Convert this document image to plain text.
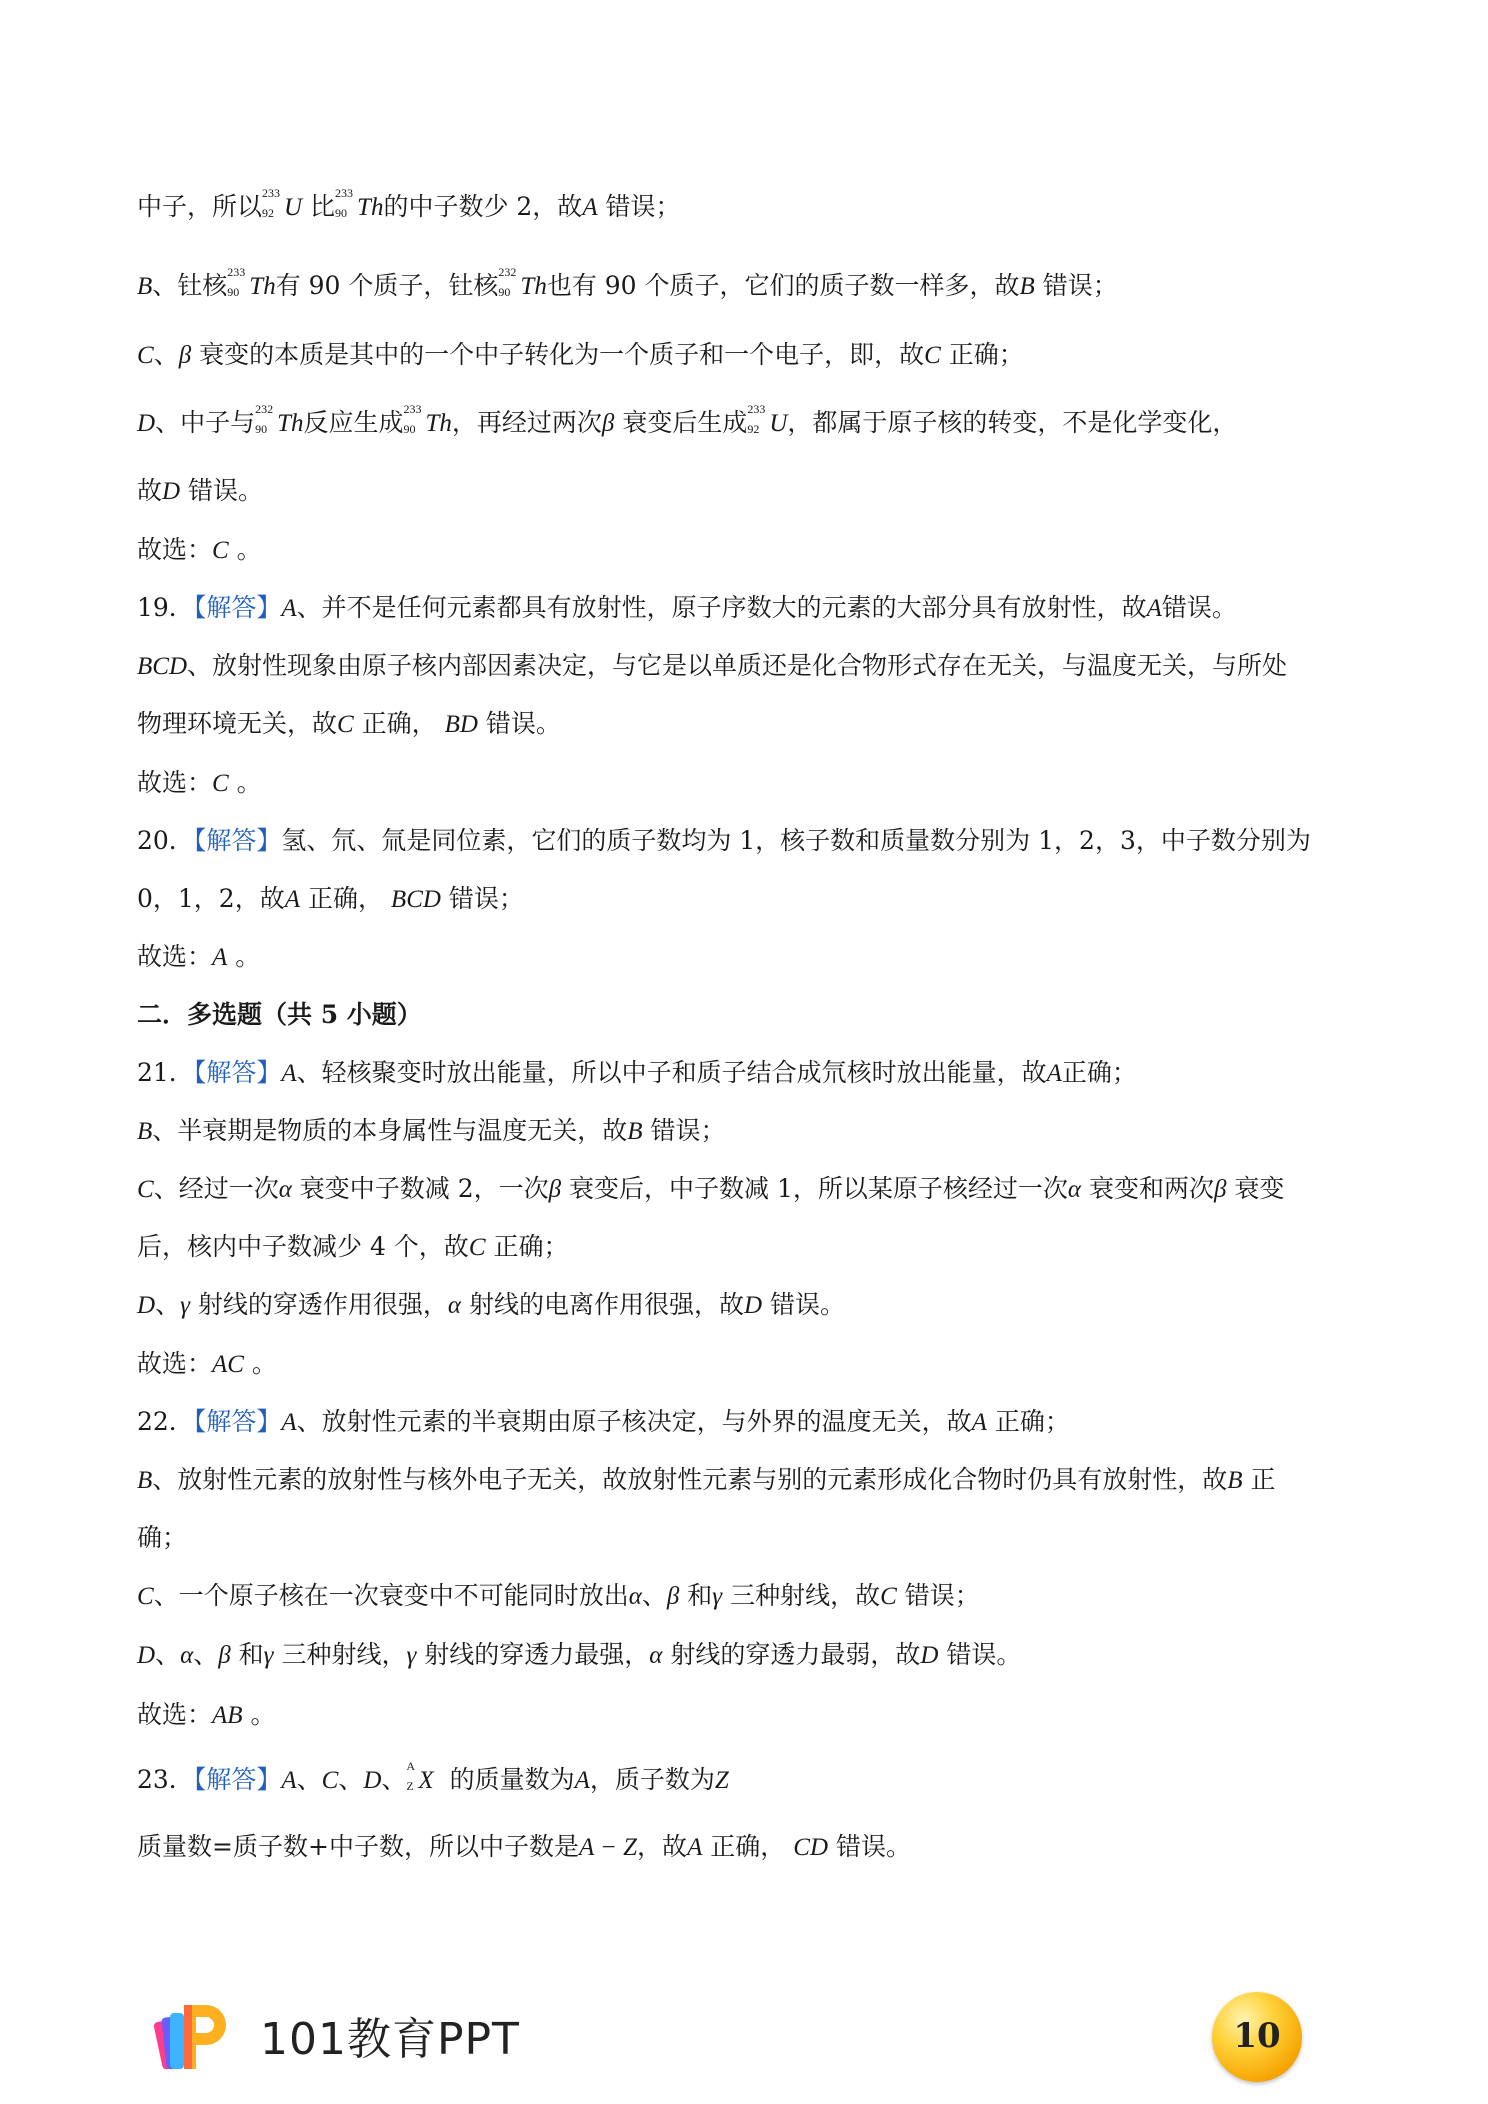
中子，所以 233
92 U 比 233
90 Th的中子数少 2，故A 错误；
B、钍核 233
90 Th有 90 个质子，钍核 232
90 Th也有 90 个质子，它们的质子数一样多，故B 错误；
C、β 衰变的本质是其中的一个中子转化为一个质子和一个电子，即，故C 正确；
D、中子与 232
90 Th反应生成 233
90 Th，再经过两次β 衰变后生成 233
92 U，都属于原子核的转变，不是化学变化，
故D 错误。
故选：C 。
19．【解答】A、并不是任何元素都具有放射性，原子序数大的元素的大部分具有放射性，故A错误。
BCD、放射性现象由原子核内部因素决定，与它是以单质还是化合物形式存在无关，与温度无关，与所处
物理环境无关，故C 正确， BD 错误。
故选：C 。
20．【解答】氢、氘、氚是同位素，它们的质子数均为 1，核子数和质量数分别为 1，2，3，中子数分别为
0，1，2，故A 正确， BCD 错误；
故选：A 。
二．多选题（共 5 小题）
21．【解答】A、轻核聚变时放出能量，所以中子和质子结合成氘核时放出能量，故A正确；
B、半衰期是物质的本身属性与温度无关，故B 错误；
C、经过一次α 衰变中子数减 2，一次β 衰变后，中子数减 1，所以某原子核经过一次α 衰变和两次β 衰变
后，核内中子数减少 4 个，故C 正确；
D、γ 射线的穿透作用很强，α 射线的电离作用很强，故D 错误。
故选：AC 。
22．【解答】A、放射性元素的半衰期由原子核决定，与外界的温度无关，故A 正确；
B、放射性元素的放射性与核外电子无关，故放射性元素与别的元素形成化合物时仍具有放射性，故B 正
确；
C、一个原子核在一次衰变中不可能同时放出α、β 和γ 三种射线，故C 错误；
D、α、β 和γ 三种射线，γ 射线的穿透力最强，α 射线的穿透力最弱，故D 错误。
故选：AB 。
23．【解答】A、C、D、 A
Z X 的质量数为A，质子数为Z
质量数=质子数+中子数，所以中子数是A − Z，故A 正确， CD 错误。
101教育PPT	10
